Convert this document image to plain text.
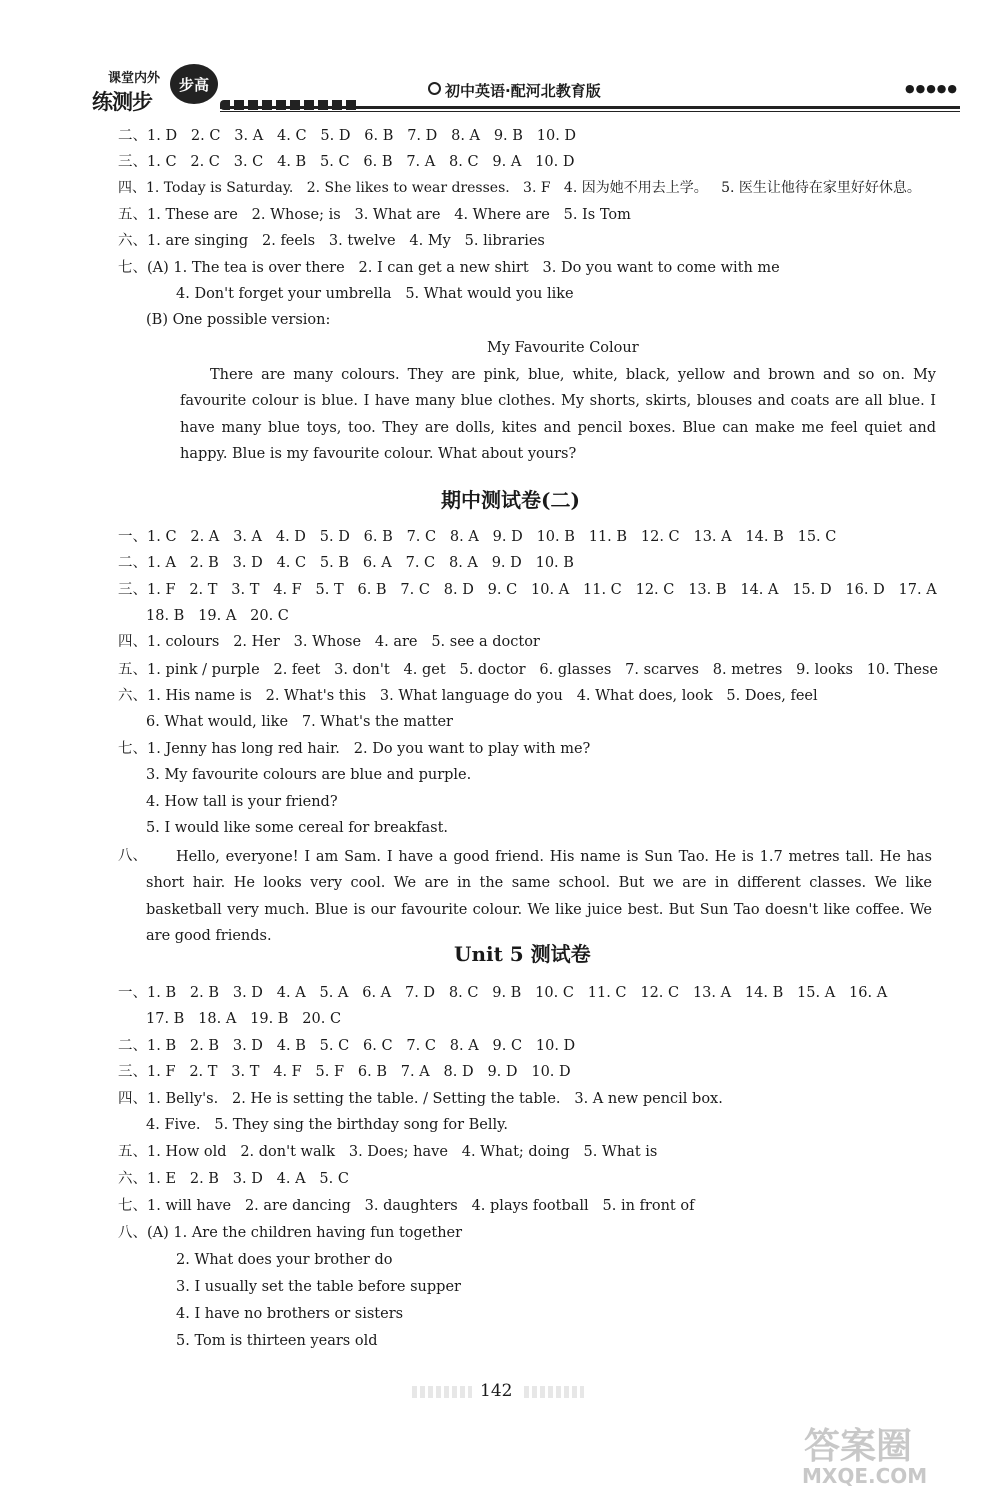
课堂内外
练测步
步高	初中英语·配河北教育版	●●●●●
二、1. D   2. C   3. A   4. C   5. D   6. B   7. D   8. A   9. B   10. D
三、1. C   2. C   3. C   4. B   5. C   6. B   7. A   8. C   9. A   10. D
四、1. Today is Saturday.   2. She likes to wear dresses.   3. F   4. 因为她不用去上学。   5. 医生让他待在家里好好休息。
五、1. These are   2. Whose; is   3. What are   4. Where are   5. Is Tom
六、1. are singing   2. feels   3. twelve   4. My   5. libraries
七、(A) 1. The tea is over there   2. I can get a new shirt   3. Do you want to come with me
4. Don't forget your umbrella   5. What would you like
(B) One possible version:
My Favourite Colour
There are many colours. They are pink, blue, white, black, yellow and brown and so on. My favourite colour is blue. I have many blue clothes. My shorts, skirts, blouses and coats are all blue. I have many blue toys, too. They are dolls, kites and pencil boxes. Blue can make me feel quiet and happy. Blue is my favourite colour. What about yours?
期中测试卷(二)
一、1. C   2. A   3. A   4. D   5. D   6. B   7. C   8. A   9. D   10. B   11. B   12. C   13. A   14. B   15. C
二、1. A   2. B   3. D   4. C   5. B   6. A   7. C   8. A   9. D   10. B
三、1. F   2. T   3. T   4. F   5. T   6. B   7. C   8. D   9. C   10. A   11. C   12. C   13. B   14. A   15. D   16. D   17. A
18. B   19. A   20. C
四、1. colours   2. Her   3. Whose   4. are   5. see a doctor
五、1. pink / purple   2. feet   3. don't   4. get   5. doctor   6. glasses   7. scarves   8. metres   9. looks   10. These
六、1. His name is   2. What's this   3. What language do you   4. What does, look   5. Does, feel
6. What would, like   7. What's the matter
七、1. Jenny has long red hair.   2. Do you want to play with me?
3. My favourite colours are blue and purple.
4. How tall is your friend?
5. I would like some cereal for breakfast.
八、	Hello, everyone! I am Sam. I have a good friend. His name is Sun Tao. He is 1.7 metres tall. He has short hair. He looks very cool. We are in the same school. But we are in different classes. We like basketball very much. Blue is our favourite colour. We like juice best. But Sun Tao doesn't like coffee. We are good friends.
Unit 5 测试卷
一、1. B   2. B   3. D   4. A   5. A   6. A   7. D   8. C   9. B   10. C   11. C   12. C   13. A   14. B   15. A   16. A
17. B   18. A   19. B   20. C
二、1. B   2. B   3. D   4. B   5. C   6. C   7. C   8. A   9. C   10. D
三、1. F   2. T   3. T   4. F   5. F   6. B   7. A   8. D   9. D   10. D
四、1. Belly's.   2. He is setting the table. / Setting the table.   3. A new pencil box.
4. Five.   5. They sing the birthday song for Belly.
五、1. How old   2. don't walk   3. Does; have   4. What; doing   5. What is
六、1. E   2. B   3. D   4. A   5. C
七、1. will have   2. are dancing   3. daughters   4. plays football   5. in front of
八、(A) 1. Are the children having fun together
2. What does your brother do
3. I usually set the table before supper
4. I have no brothers or sisters
5. Tom is thirteen years old
142
答案圈
MXQE.COM
